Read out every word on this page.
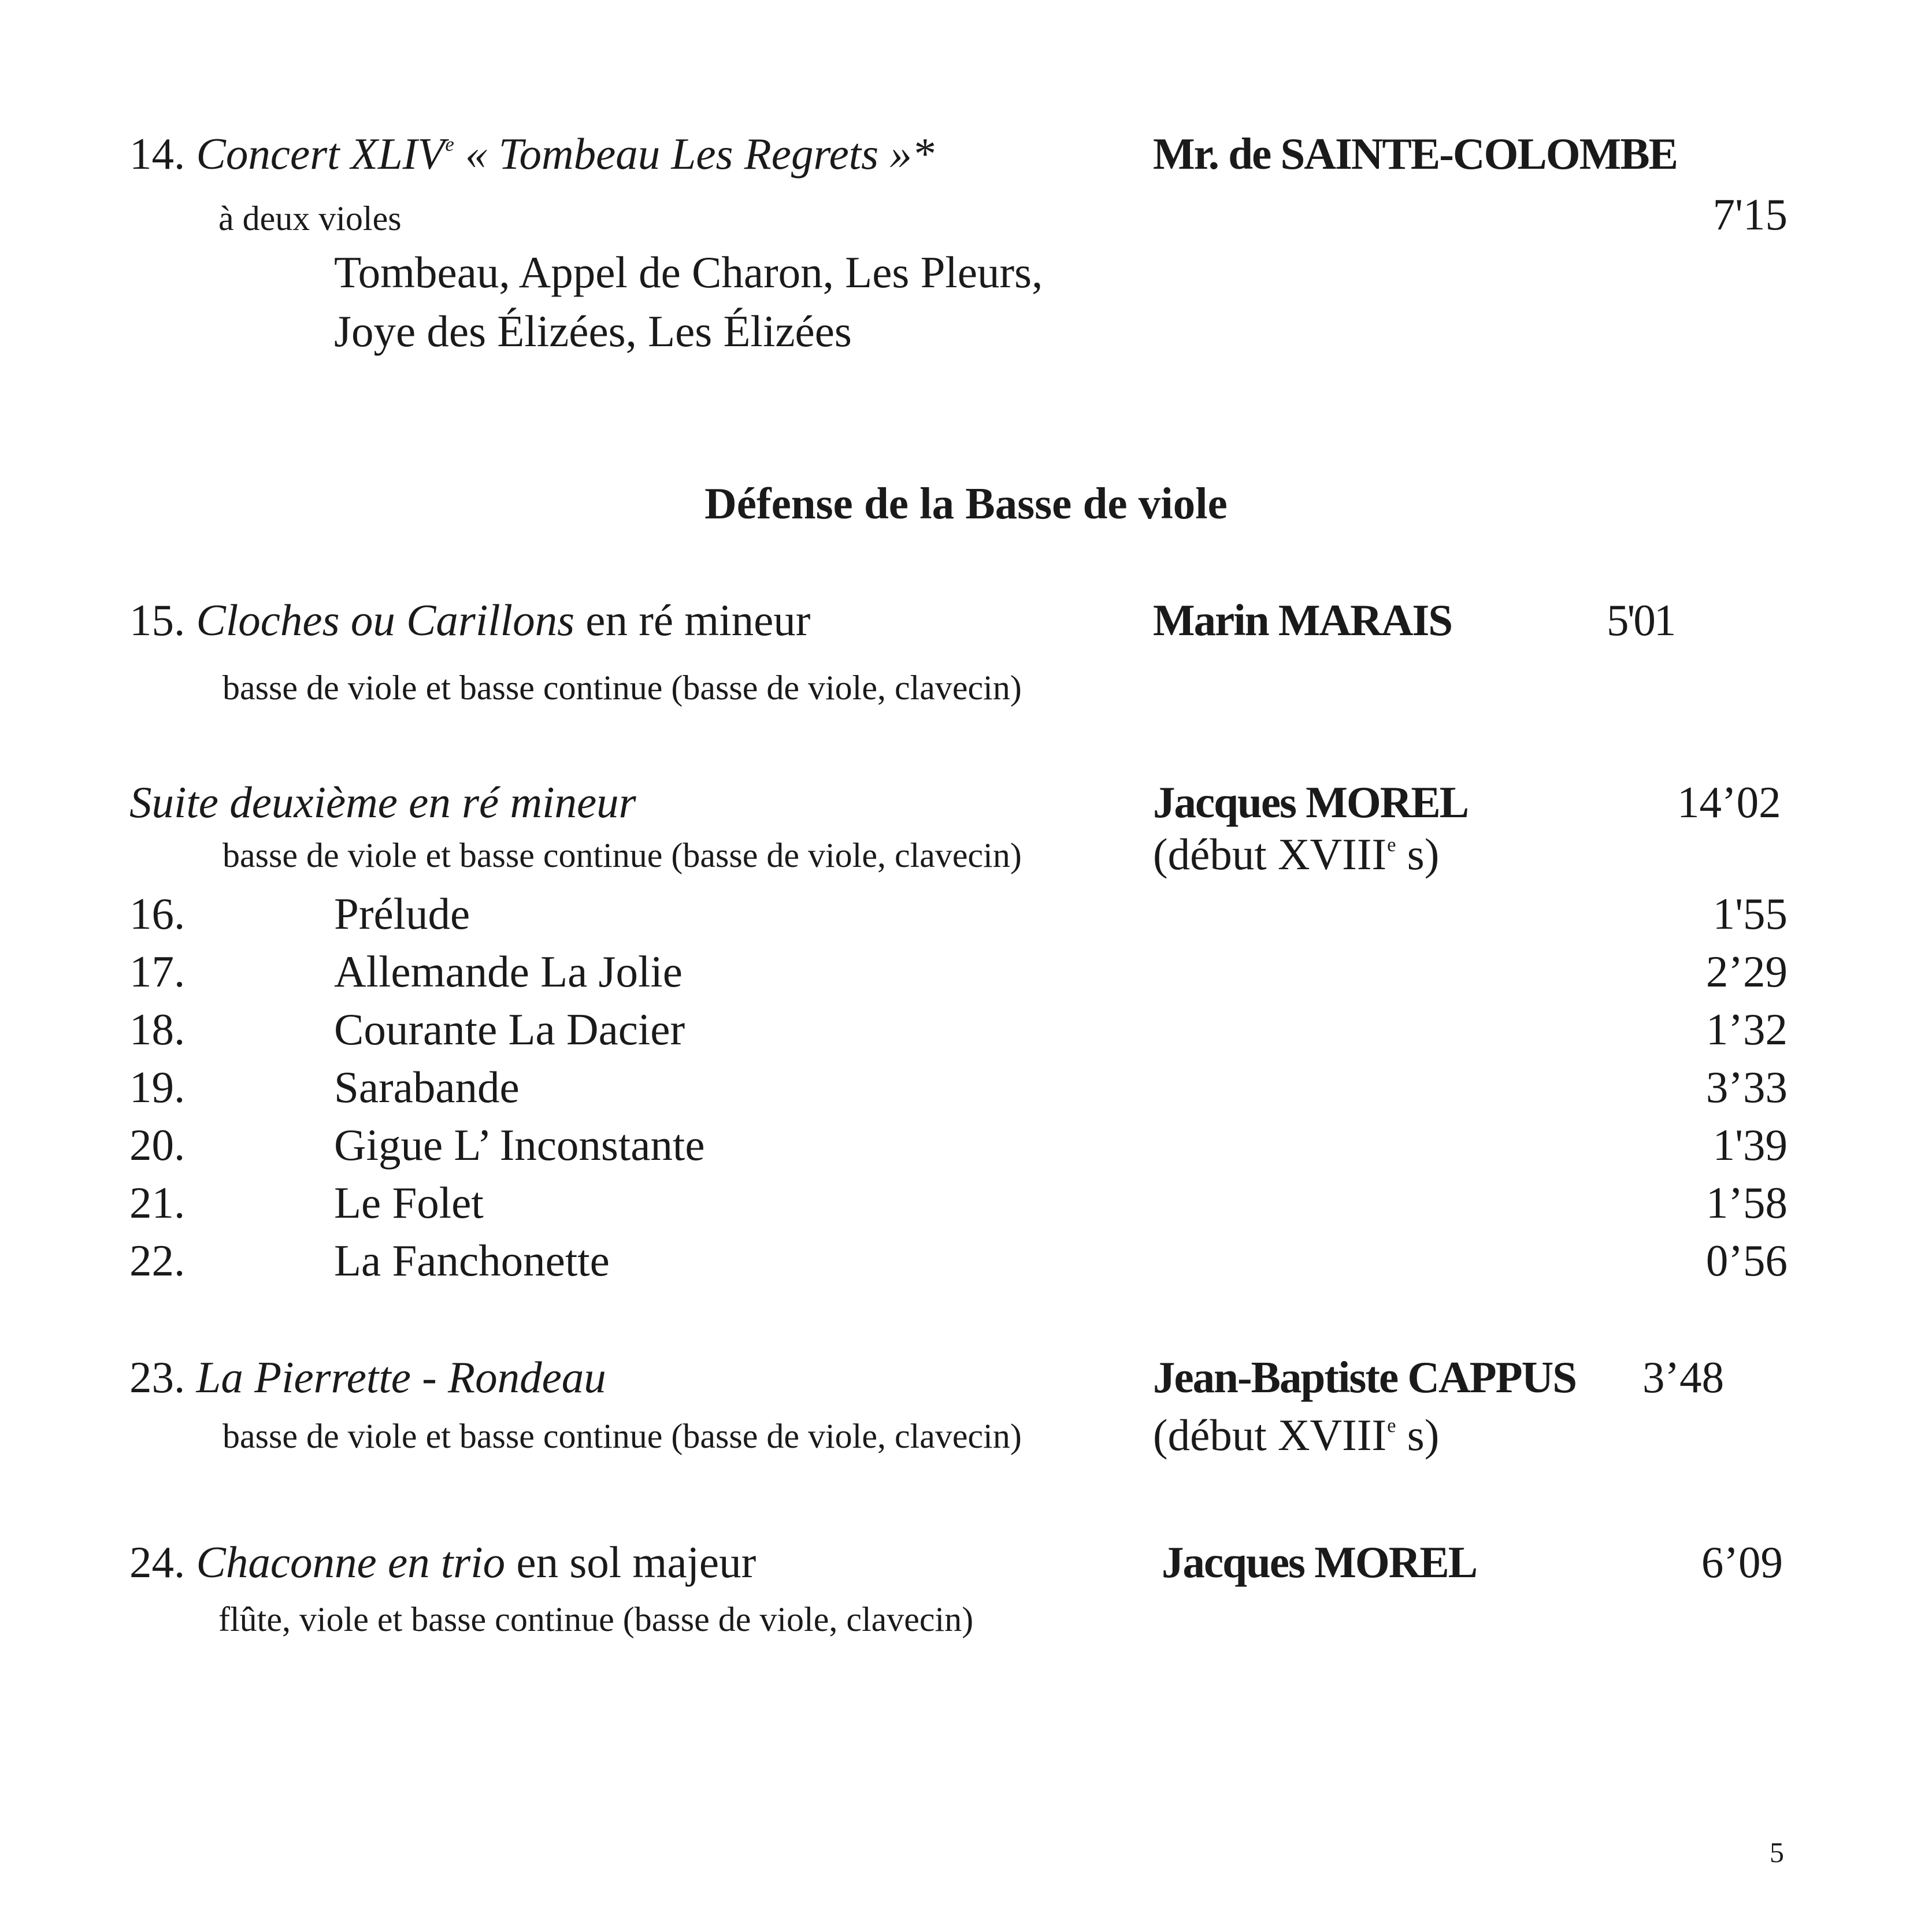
14. Concert XLIVe « Tombeau Les Regrets »*	Mr. de SAINTE-COLOMBE
à deux violes	7'15
Tombeau, Appel de Charon, Les Pleurs,
Joye des Élizées, Les Élizées
Défense de la Basse de viole
15. Cloches ou Carillons en ré mineur	Marin MARAIS	5'01
basse de viole et basse continue (basse de viole, clavecin)
Suite deuxième en ré mineur	Jacques MOREL	14’02
basse de viole et basse continue (basse de viole, clavecin)	(début XVIIIe s)
16.	Prélude	1'55
17.	Allemande La Jolie	2’29
18.	Courante La Dacier	1’32
19.	Sarabande	3’33
20.	Gigue L’ Inconstante	1'39
21.	Le Folet	1’58
22.	La Fanchonette	0’56
23. La Pierrette - Rondeau	Jean-Baptiste CAPPUS 3’48
basse de viole et basse continue (basse de viole, clavecin)	(début XVIIIe s)
24. Chaconne en trio en sol majeur	Jacques MOREL	6’09
flûte, viole et basse continue (basse de viole, clavecin)
5
